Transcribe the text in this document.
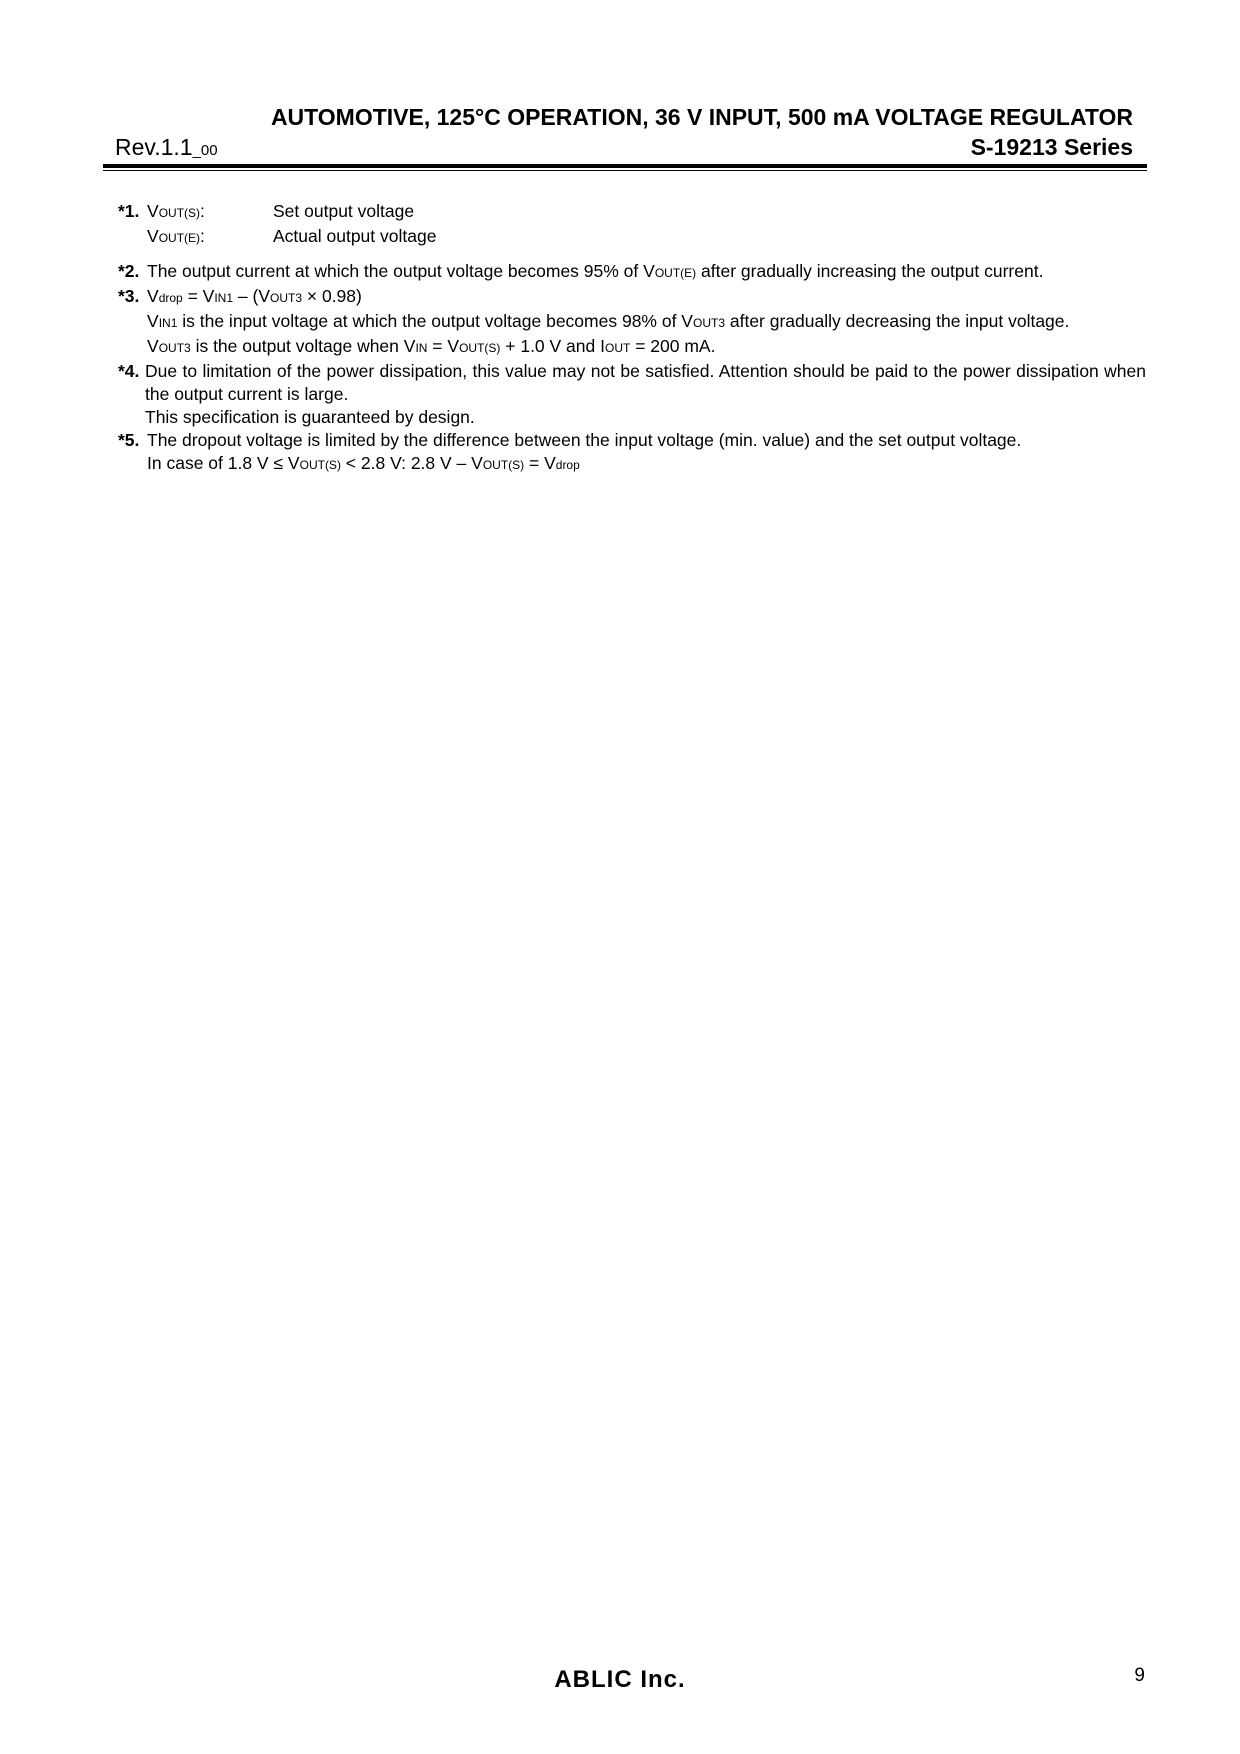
AUTOMOTIVE, 125°C OPERATION, 36 V INPUT, 500 mA VOLTAGE REGULATOR
Rev.1.1_00	S-19213 Series
*1. VOUT(S):	Set output voltage
VOUT(E):	Actual output voltage
*2. The output current at which the output voltage becomes 95% of VOUT(E) after gradually increasing the output current.
*3. Vdrop = VIN1 – (VOUT3 × 0.98)
VIN1 is the input voltage at which the output voltage becomes 98% of VOUT3 after gradually decreasing the input voltage.
VOUT3 is the output voltage when VIN = VOUT(S) + 1.0 V and IOUT = 200 mA.
*4. Due to limitation of the power dissipation, this value may not be satisfied. Attention should be paid to the power dissipation when the output current is large.
This specification is guaranteed by design.
*5. The dropout voltage is limited by the difference between the input voltage (min. value) and the set output voltage.
In case of 1.8 V ≤ VOUT(S) < 2.8 V: 2.8 V – VOUT(S) = Vdrop
ABLIC Inc.	9
